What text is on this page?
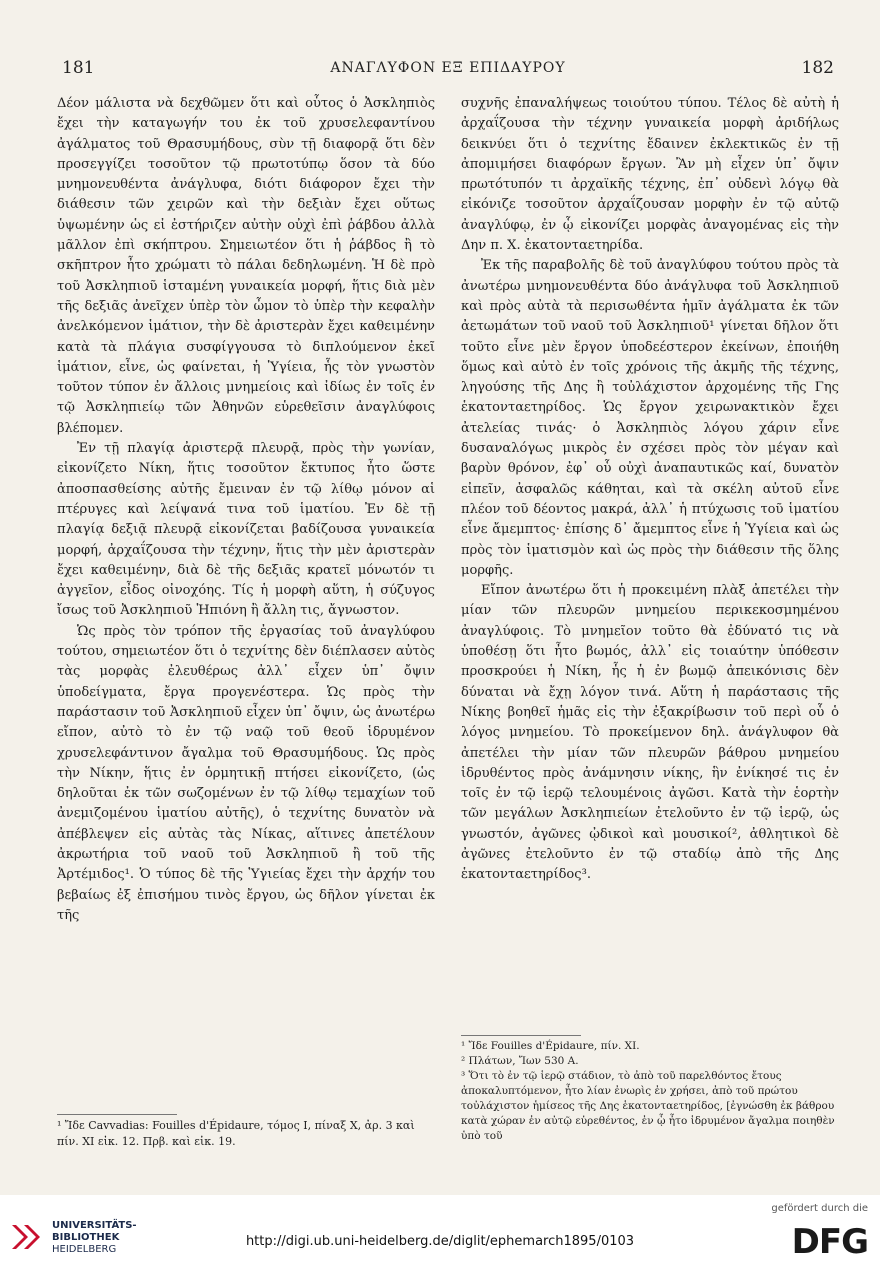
181	ΑΝΑΓΛΥΦΟΝ ΕΞ ΕΠΙΔΑΥΡΟΥ	182

Δέον μάλιστα νὰ δεχθῶμεν ὅτι καὶ οὗτος ὁ Ἀσκληπιὸς ἔχει τὴν καταγωγήν του ἐκ τοῦ χρυσελεφαντίνου ἀγάλματος τοῦ Θρασυμήδους, σὺν τῇ διαφορᾷ ὅτι δὲν προσεγγίζει τοσοῦτον τῷ πρωτοτύπῳ ὅσον τὰ δύο μνημονευθέντα ἀνάγλυφα, διότι διάφορον ἔχει τὴν διάθεσιν τῶν χειρῶν καὶ τὴν δεξιὰν ἔχει οὕτως ὑψωμένην ὡς εἰ ἐστήριζεν αὐτὴν οὐχὶ ἐπὶ ῥάβδου ἀλλὰ μᾶλλον ἐπὶ σκήπτρου. Σημειωτέον ὅτι ἡ ῥάβδος ἢ τὸ σκῆπτρον ἦτο χρώματι τὸ πάλαι δεδηλωμένη. Ἡ δὲ πρὸ τοῦ Ἀσκληπιοῦ ἱσταμένη γυναικεία μορφή, ἥτις διὰ μὲν τῆς δεξιᾶς ἀνεῖχεν ὑπὲρ τὸν ὦμον τὸ ὑπὲρ τὴν κεφαλὴν ἀνελκόμενον ἱμάτιον, τὴν δὲ ἀριστερὰν ἔχει καθειμένην κατὰ τὰ πλάγια συσφίγγουσα τὸ διπλούμενον ἐκεῖ ἱμάτιον, εἶνε, ὡς φαίνεται, ἡ Ὑγίεια, ἧς τὸν γνωστὸν τοῦτον τύπον ἐν ἄλλοις μνημείοις καὶ ἰδίως ἐν τοῖς ἐν τῷ Ἀσκληπιείῳ τῶν Ἀθηνῶν εὑρεθεῖσιν ἀναγλύφοις βλέπομεν.

Ἐν τῇ πλαγίᾳ ἀριστερᾷ πλευρᾷ, πρὸς τὴν γωνίαν, εἰκονίζετο Νίκη, ἥτις τοσοῦτον ἔκτυπος ἦτο ὥστε ἀποσπασθείσης αὐτῆς ἔμειναν ἐν τῷ λίθῳ μόνον αἱ πτέρυγες καὶ λείψανά τινα τοῦ ἱματίου. Ἐν δὲ τῇ πλαγίᾳ δεξιᾷ πλευρᾷ εἰκονίζεται βαδίζουσα γυναικεία μορφή, ἀρχαΐζουσα τὴν τέχνην, ἥτις τὴν μὲν ἀριστερὰν ἔχει καθειμένην, διὰ δὲ τῆς δεξιᾶς κρατεῖ μόνωτόν τι ἀγγεῖον, εἶδος οἰνοχόης. Τίς ἡ μορφὴ αὕτη, ἡ σύζυγος ἴσως τοῦ Ἀσκληπιοῦ Ἠπιόνη ἢ ἄλλη τις, ἄγνωστον.

Ὡς πρὸς τὸν τρόπον τῆς ἐργασίας τοῦ ἀναγλύφου τούτου, σημειωτέον ὅτι ὁ τεχνίτης δὲν διέπλασεν αὐτὸς τὰς μορφὰς ἐλευθέρως ἀλλ᾽ εἶχεν ὑπ᾽ ὄψιν ὑποδείγματα, ἔργα προγενέστερα. Ὡς πρὸς τὴν παράστασιν τοῦ Ἀσκληπιοῦ εἶχεν ὑπ᾽ ὄψιν, ὡς ἀνωτέρω εἴπον, αὐτὸ τὸ ἐν τῷ ναῷ τοῦ θεοῦ ἱδρυμένον χρυσελεφάντινον ἄγαλμα τοῦ Θρασυμήδους. Ὡς πρὸς τὴν Νίκην, ἥτις ἐν ὁρμητικῇ πτήσει εἰκονίζετο, (ὡς δηλοῦται ἐκ τῶν σωζομένων ἐν τῷ λίθῳ τεμαχίων τοῦ ἀνεμιζομένου ἱματίου αὐτῆς), ὁ τεχνίτης δυνατὸν νὰ ἀπέβλεψεν εἰς αὐτὰς τὰς Νίκας, αἵτινες ἀπετέλουν ἀκρωτήρια τοῦ ναοῦ τοῦ Ἀσκληπιοῦ ἢ τοῦ τῆς Ἀρτέμιδος¹. Ὁ τύπος δὲ τῆς Ὑγιείας ἔχει τὴν ἀρχήν του βεβαίως ἐξ ἐπισήμου τινὸς ἔργου, ὡς δῆλον γίνεται ἐκ τῆς

συχνῆς ἐπαναλήψεως τοιούτου τύπου. Τέλος δὲ αὐτὴ ἡ ἀρχαΐζουσα τὴν τέχνην γυναικεία μορφὴ ἀριδήλως δεικνύει ὅτι ὁ τεχνίτης ἔδαινεν ἐκλεκτικῶς ἐν τῇ ἀπομιμήσει διαφόρων ἔργων. Ἂν μὴ εἶχεν ὑπ᾽ ὄψιν πρωτότυπόν τι ἀρχαϊκῆς τέχνης, ἐπ᾽ οὐδενὶ λόγῳ θὰ εἰκόνιζε τοσοῦτον ἀρχαΐζουσαν μορφὴν ἐν τῷ αὐτῷ ἀναγλύφῳ, ἐν ᾧ εἰκονίζει μορφὰς ἀναγομένας εἰς τὴν Δην π. Χ. ἑκατονταετηρίδα.

Ἐκ τῆς παραβολῆς δὲ τοῦ ἀναγλύφου τούτου πρὸς τὰ ἀνωτέρω μνημονευθέντα δύο ἀνάγλυφα τοῦ Ἀσκληπιοῦ καὶ πρὸς αὐτὰ τὰ περισωθέντα ἡμῖν ἀγάλματα ἐκ τῶν ἀετωμάτων τοῦ ναοῦ τοῦ Ἀσκληπιοῦ¹ γίνεται δῆλον ὅτι τοῦτο εἶνε μὲν ἔργον ὑποδεέστερον ἐκείνων, ἐποιήθη ὅμως καὶ αὐτὸ ἐν τοῖς χρόνοις τῆς ἀκμῆς τῆς τέχνης, ληγούσης τῆς Δης ἢ τοὐλάχιστον ἀρχομένης τῆς Γης ἑκατονταετηρίδος. Ὡς ἔργον χειρωνακτικὸν ἔχει ἀτελείας τινάς· ὁ Ἀσκληπιὸς λόγου χάριν εἶνε δυσαναλόγως μικρὸς ἐν σχέσει πρὸς τὸν μέγαν καὶ βαρὺν θρόνον, ἐφ᾽ οὗ οὐχὶ ἀναπαυτικῶς καί, δυνατὸν εἰπεῖν, ἀσφαλῶς κάθηται, καὶ τὰ σκέλη αὐτοῦ εἶνε πλέον τοῦ δέοντος μακρά, ἀλλ᾽ ἡ πτύχωσις τοῦ ἱματίου εἶνε ἄμεμπτος· ἐπίσης δ᾽ ἄμεμπτος εἶνε ἡ Ὑγίεια καὶ ὡς πρὸς τὸν ἱματισμὸν καὶ ὡς πρὸς τὴν διάθεσιν τῆς ὅλης μορφῆς.

Εἴπον ἀνωτέρω ὅτι ἡ προκειμένη πλὰξ ἀπετέλει τὴν μίαν τῶν πλευρῶν μνημείου περικεκοσμημένου ἀναγλύφοις. Τὸ μνημεῖον τοῦτο θὰ ἐδύνατό τις νὰ ὑποθέσῃ ὅτι ἦτο βωμός, ἀλλ᾽ εἰς τοιαύτην ὑπόθεσιν προσκρούει ἡ Νίκη, ἧς ἡ ἐν βωμῷ ἀπεικόνισις δὲν δύναται νὰ ἔχῃ λόγον τινά. Αὕτη ἡ παράστασις τῆς Νίκης βοηθεῖ ἡμᾶς εἰς τὴν ἐξακρίβωσιν τοῦ περὶ οὗ ὁ λόγος μνημείου. Τὸ προκείμενον δηλ. ἀνάγλυφον θὰ ἀπετέλει τὴν μίαν τῶν πλευρῶν βάθρου μνημείου ἱδρυθέντος πρὸς ἀνάμνησιν νίκης, ἣν ἐνίκησέ τις ἐν τοῖς ἐν τῷ ἱερῷ τελουμένοις ἀγῶσι. Κατὰ τὴν ἑορτὴν τῶν μεγάλων Ἀσκληπιείων ἐτελοῦντο ἐν τῷ ἱερῷ, ὡς γνωστόν, ἀγῶνες ᾠδικοὶ καὶ μουσικοί², ἀθλητικοὶ δὲ ἀγῶνες ἐτελοῦντο ἐν τῷ σταδίῳ ἀπὸ τῆς Δης ἑκατονταετηρίδος³.

¹ Ἴδε Cavvadias: Fouilles d'Épidaure, τόμος I, πίναξ X, ἀρ. 3 καὶ πίν. XI εἰκ. 12. Πρβ. καὶ εἰκ. 19.
¹ Ἴδε Fouilles d'Épidaure, πίν. XI.
² Πλάτων, Ἴων 530 A.
³ Ὅτι τὸ ἐν τῷ ἱερῷ στάδιον, τὸ ἀπὸ τοῦ παρελθόντος ἔτους ἀποκαλυπτόμενον, ἦτο λίαν ἐνωρὶς ἐν χρήσει, ἀπὸ τοῦ πρώτου τοὐλάχιστον ἡμίσεος τῆς Δης ἑκατονταετηρίδος, [ἐγνώσθη ἐκ βάθρου κατὰ χώραν ἐν αὐτῷ εὑρεθέντος, ἐν ᾧ ἦτο ἱδρυμένον ἄγαλμα ποιηθὲν ὑπὸ τοῦ
UNIVERSITÄTS-
BIBLIOTHEK
HEIDELBERG
http://digi.ub.uni-heidelberg.de/diglit/ephemarch1895/0103
gefördert durch die
DFG
